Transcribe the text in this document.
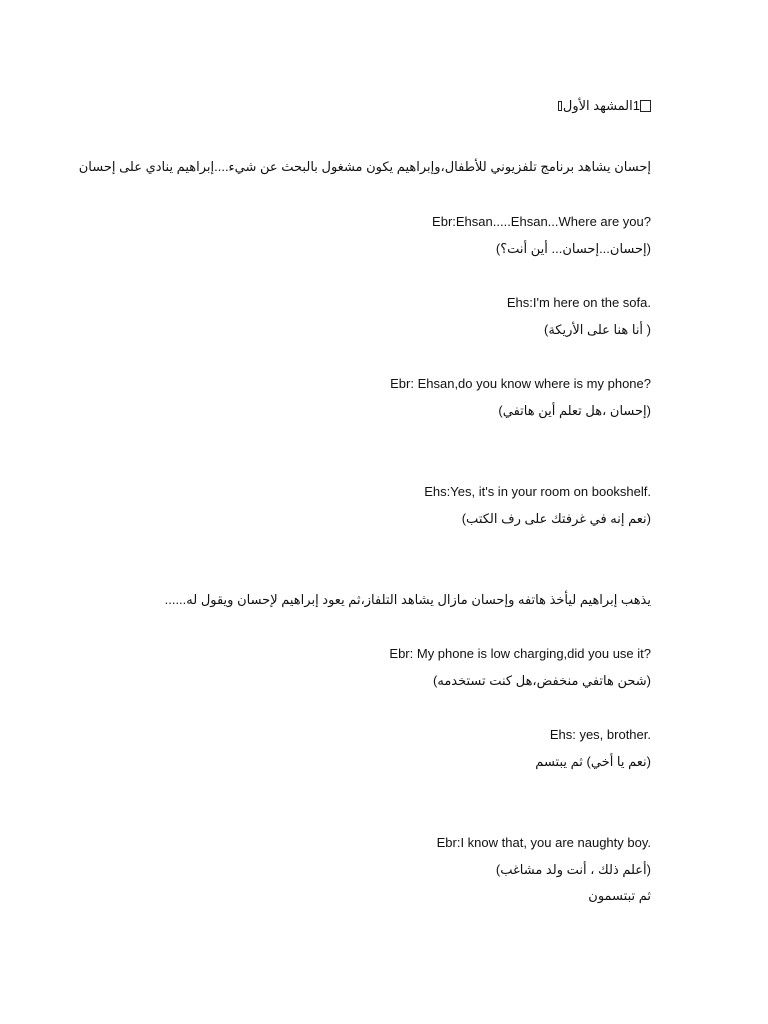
1المشهد الأول
إحسان يشاهد برنامج تلفزيوني للأطفال،وإبراهيم يكون مشغول بالبحث عن شيء....إبراهيم ينادي على إحسان
Ebr:Ehsan.....Ehsan...Where are you?
(إحسان...إحسان... أين أنت؟)
Ehs:I'm here on the sofa.
( أنا هنا على الأريكة)
Ebr: Ehsan,do you know where is my phone?
(إحسان ،هل تعلم أين هاتفي)
Ehs:Yes, it's in your room on bookshelf.
(نعم إنه في غرفتك على رف الكتب)
يذهب إبراهيم ليأخذ هاتفه وإحسان مازال يشاهد التلفاز،ثم يعود إبراهيم لإحسان ويقول له......
Ebr: My phone is low charging,did you use it?
(شحن هاتفي منخفض،هل كنت تستخدمه)
Ehs: yes, brother.
(نعم يا أخي) ثم يبتسم
Ebr:I know that, you are naughty boy.
(أعلم ذلك ، أنت ولد مشاغب)
ثم تبتسمون
